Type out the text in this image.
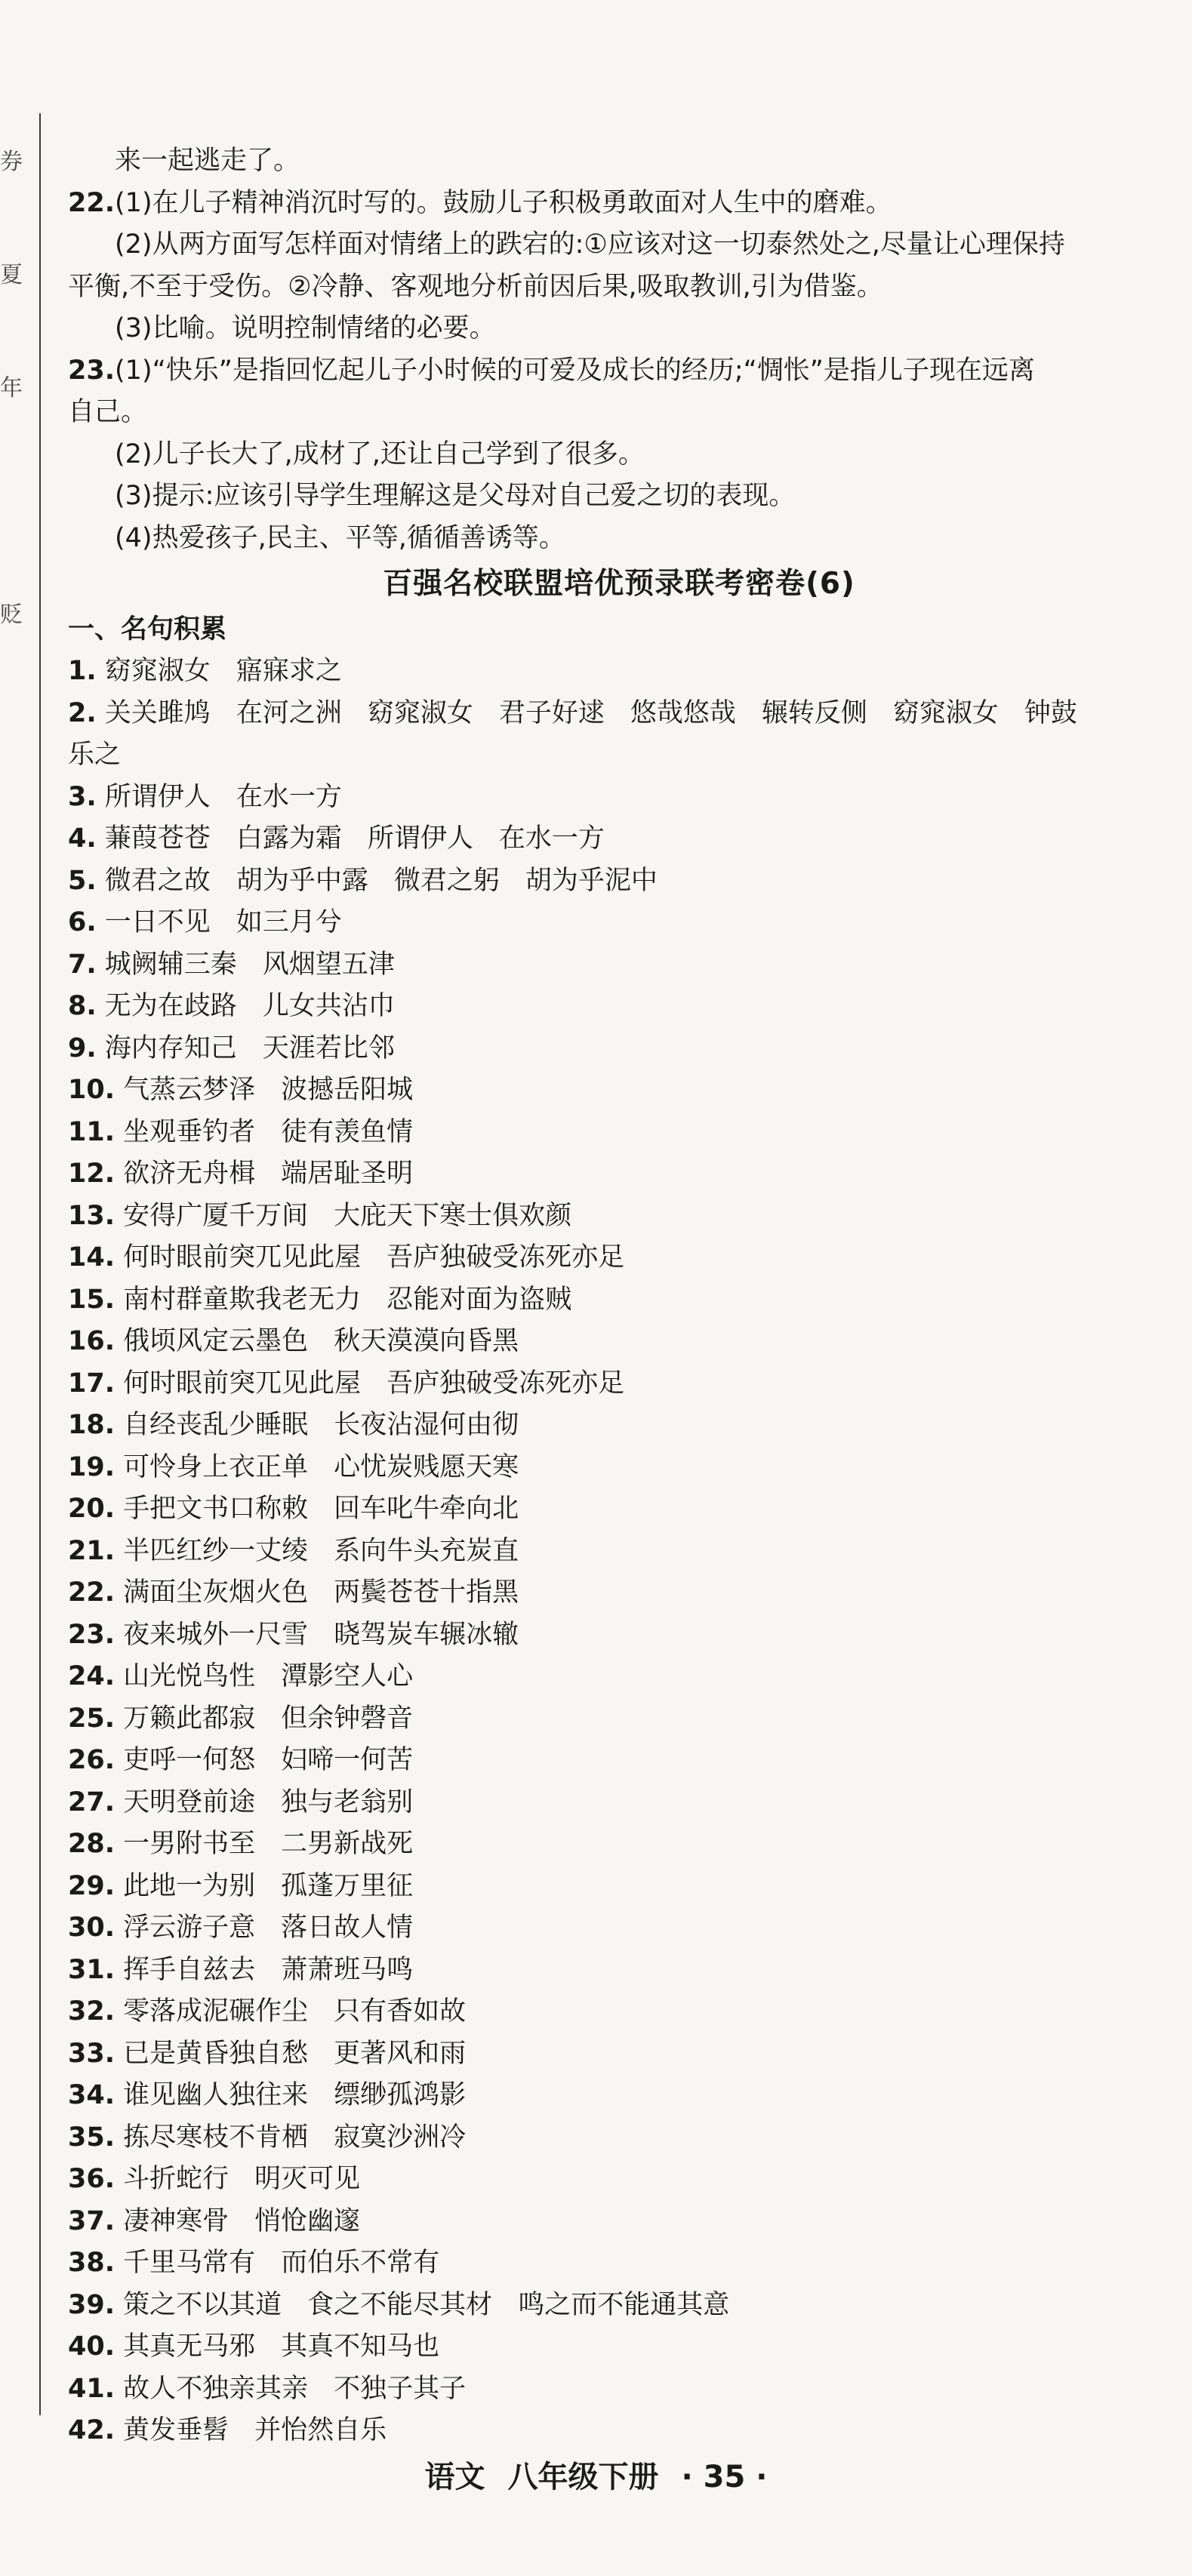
券
夏
年
贬
来一起逃走了。
22.(1)在儿子精神消沉时写的。鼓励儿子积极勇敢面对人生中的磨难。
(2)从两方面写怎样面对情绪上的跌宕的:①应该对这一切泰然处之,尽量让心理保持
平衡,不至于受伤。②冷静、客观地分析前因后果,吸取教训,引为借鉴。
(3)比喻。说明控制情绪的必要。
23.(1)“快乐”是指回忆起儿子小时候的可爱及成长的经历;“惆怅”是指儿子现在远离
自己。
(2)儿子长大了,成材了,还让自己学到了很多。
(3)提示:应该引导学生理解这是父母对自己爱之切的表现。
(4)热爱孩子,民主、平等,循循善诱等。
百强名校联盟培优预录联考密卷(6)
一、名句积累
1. 窈窕淑女 寤寐求之
2. 关关雎鸠 在河之洲 窈窕淑女 君子好逑 悠哉悠哉 辗转反侧 窈窕淑女 钟鼓
乐之
3. 所谓伊人 在水一方
4. 蒹葭苍苍 白露为霜 所谓伊人 在水一方
5. 微君之故 胡为乎中露 微君之躬 胡为乎泥中
6. 一日不见 如三月兮
7. 城阙辅三秦 风烟望五津
8. 无为在歧路 儿女共沾巾
9. 海内存知己 天涯若比邻
10. 气蒸云梦泽 波撼岳阳城
11. 坐观垂钓者 徒有羡鱼情
12. 欲济无舟楫 端居耻圣明
13. 安得广厦千万间 大庇天下寒士俱欢颜
14. 何时眼前突兀见此屋 吾庐独破受冻死亦足
15. 南村群童欺我老无力 忍能对面为盗贼
16. 俄顷风定云墨色 秋天漠漠向昏黑
17. 何时眼前突兀见此屋 吾庐独破受冻死亦足
18. 自经丧乱少睡眠 长夜沾湿何由彻
19. 可怜身上衣正单 心忧炭贱愿天寒
20. 手把文书口称敕 回车叱牛牵向北
21. 半匹红纱一丈绫 系向牛头充炭直
22. 满面尘灰烟火色 两鬓苍苍十指黑
23. 夜来城外一尺雪 晓驾炭车辗冰辙
24. 山光悦鸟性 潭影空人心
25. 万籁此都寂 但余钟磬音
26. 吏呼一何怒 妇啼一何苦
27. 天明登前途 独与老翁别
28. 一男附书至 二男新战死
29. 此地一为别 孤蓬万里征
30. 浮云游子意 落日故人情
31. 挥手自兹去 萧萧班马鸣
32. 零落成泥碾作尘 只有香如故
33. 已是黄昏独自愁 更著风和雨
34. 谁见幽人独往来 缥缈孤鸿影
35. 拣尽寒枝不肯栖 寂寞沙洲冷
36. 斗折蛇行 明灭可见
37. 凄神寒骨 悄怆幽邃
38. 千里马常有 而伯乐不常有
39. 策之不以其道 食之不能尽其材 鸣之而不能通其意
40. 其真无马邪 其真不知马也
41. 故人不独亲其亲 不独子其子
42. 黄发垂髫 并怡然自乐
语文 八年级下册 · 35 ·
